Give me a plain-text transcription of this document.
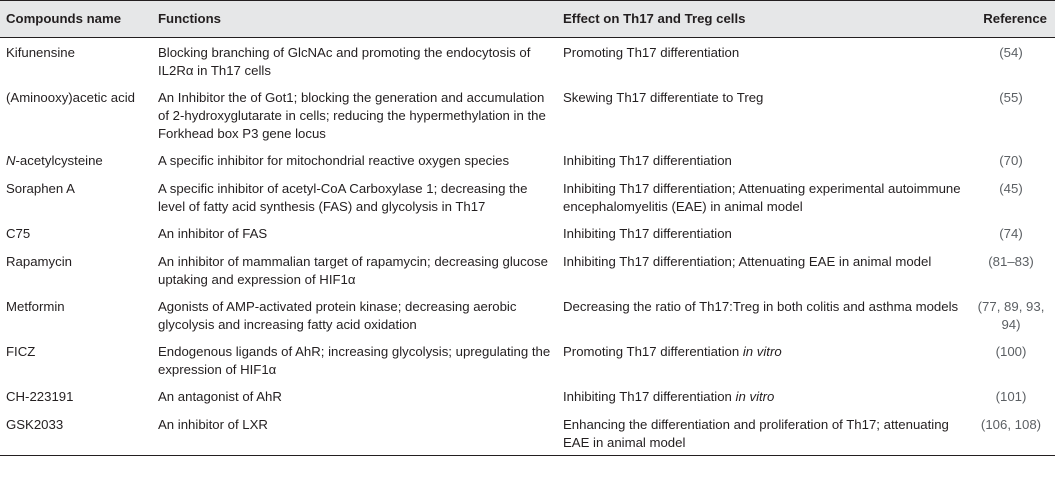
Compounds name	Functions	Effect on Th17 and Treg cells	Reference
Kifunensine	Blocking branching of GlcNAc and promoting the endocytosis of IL2Rα in Th17 cells	Promoting Th17 differentiation	(54)
(Aminooxy)acetic acid	An Inhibitor the of Got1; blocking the generation and accumulation of 2-hydroxyglutarate in cells; reducing the hypermethylation in the Forkhead box P3 gene locus	Skewing Th17 differentiate to Treg	(55)
N-acetylcysteine	A specific inhibitor for mitochondrial reactive oxygen species	Inhibiting Th17 differentiation	(70)
Soraphen A	A specific inhibitor of acetyl-CoA Carboxylase 1; decreasing the level of fatty acid synthesis (FAS) and glycolysis in Th17	Inhibiting Th17 differentiation; Attenuating experimental autoimmune encephalomyelitis (EAE) in animal model	(45)
C75	An inhibitor of FAS	Inhibiting Th17 differentiation	(74)
Rapamycin	An inhibitor of mammalian target of rapamycin; decreasing glucose uptaking and expression of HIF1α	Inhibiting Th17 differentiation; Attenuating EAE in animal model	(81–83)
Metformin	Agonists of AMP-activated protein kinase; decreasing aerobic glycolysis and increasing fatty acid oxidation	Decreasing the ratio of Th17:Treg in both colitis and asthma models	(77, 89, 93, 94)
FICZ	Endogenous ligands of AhR; increasing glycolysis; upregulating the expression of HIF1α	Promoting Th17 differentiation in vitro	(100)
CH-223191	An antagonist of AhR	Inhibiting Th17 differentiation in vitro	(101)
GSK2033	An inhibitor of LXR	Enhancing the differentiation and proliferation of Th17; attenuating EAE in animal model	(106, 108)
